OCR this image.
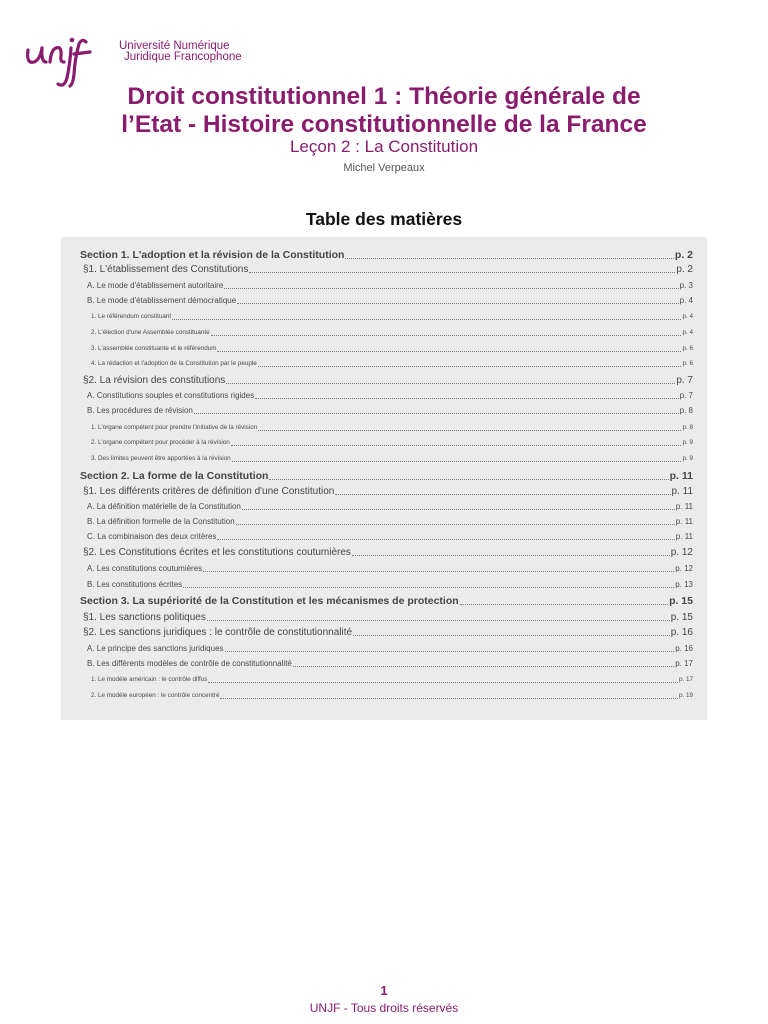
Université Numérique
Juridique Francophone
Droit constitutionnel 1 : Théorie générale de
l’Etat - Histoire constitutionnelle de la France
Leçon 2 : La Constitution
Michel Verpeaux
Table des matières
Section 1. L'adoption et la révision de la Constitution	p. 2
§1. L'établissement des Constitutions	p. 2
A. Le mode d'établissement autoritaire	p. 3
B. Le mode d'établissement démocratique	p. 4
1. Le référendum constituant	p. 4
2. L'élection d'une Assemblée constituante	p. 4
3. L'assemblée constituante et le référendum	p. 6
4. La rédaction et l'adoption de la Constitution par le peuple	p. 6
§2. La révision des constitutions	p. 7
A. Constitutions souples et constitutions rigides	p. 7
B. Les procédures de révision	p. 8
1. L'organe compétent pour prendre l'initiative de la révision	p. 8
2. L'organe compétent pour procéder à la révision	p. 9
3. Des limites peuvent être apportées à la révision	p. 9
Section 2. La forme de la Constitution	p. 11
§1. Les différents critères de définition d'une Constitution	p. 11
A. La définition matérielle de la Constitution	p. 11
B. La définition formelle de la Constitution	p. 11
C. La combinaison des deux critères	p. 11
§2. Les Constitutions écrites et les constitutions coutumières	p. 12
A. Les constitutions coutumières	p. 12
B. Les constitutions écrites	p. 13
Section 3. La supériorité de la Constitution et les mécanismes de protection	p. 15
§1. Les sanctions politiques	p. 15
§2. Les sanctions juridiques : le contrôle de constitutionnalité	p. 16
A. Le principe des sanctions juridiques	p. 16
B. Les différents modèles de contrôle de constitutionnalité	p. 17
1. Le modèle américain : le contrôle diffus	p. 17
2. Le modèle européen : le contrôle concentré	p. 19
1
UNJF - Tous droits réservés
